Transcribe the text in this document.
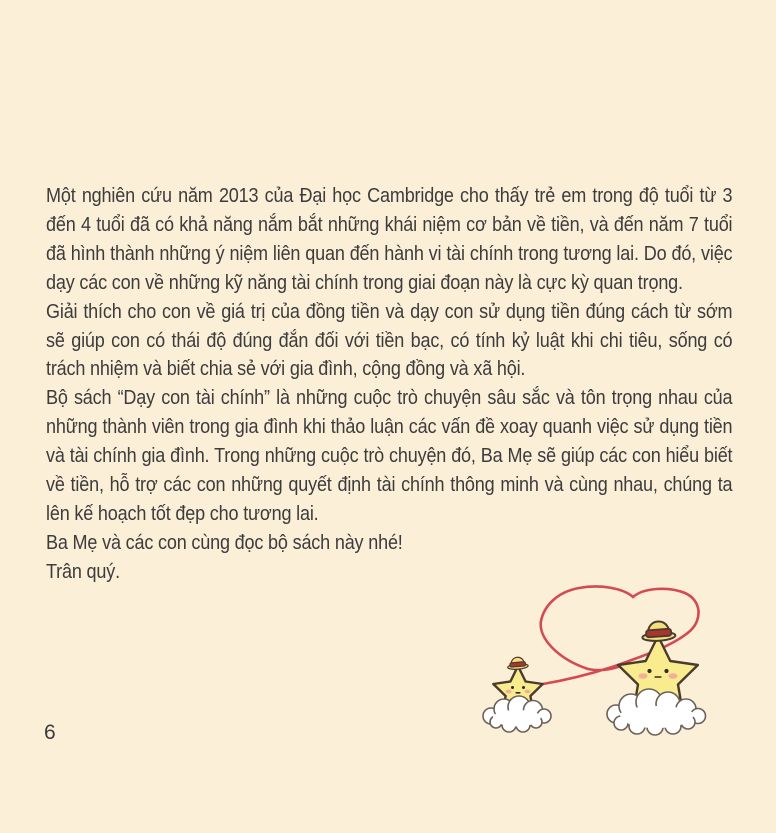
Một nghiên cứu năm 2013 của Đại học Cambridge cho thấy trẻ em trong độ tuổi từ 3 đến 4 tuổi đã có khả năng nắm bắt những khái niệm cơ bản về tiền, và đến năm 7 tuổi đã hình thành những ý niệm liên quan đến hành vi tài chính trong tương lai. Do đó, việc dạy các con về những kỹ năng tài chính trong giai đoạn này là cực kỳ quan trọng.

Giải thích cho con về giá trị của đồng tiền và dạy con sử dụng tiền đúng cách từ sớm sẽ giúp con có thái độ đúng đắn đối với tiền bạc, có tính kỷ luật khi chi tiêu, sống có trách nhiệm và biết chia sẻ với gia đình, cộng đồng và xã hội.

Bộ sách “Dạy con tài chính” là những cuộc trò chuyện sâu sắc và tôn trọng nhau của những thành viên trong gia đình khi thảo luận các vấn đề xoay quanh việc sử dụng tiền và tài chính gia đình. Trong những cuộc trò chuyện đó, Ba Mẹ sẽ giúp các con hiểu biết về tiền, hỗ trợ các con những quyết định tài chính thông minh và cùng nhau, chúng ta lên kế hoạch tốt đẹp cho tương lai.

Ba Mẹ và các con cùng đọc bộ sách này nhé!

Trân quý.

6
